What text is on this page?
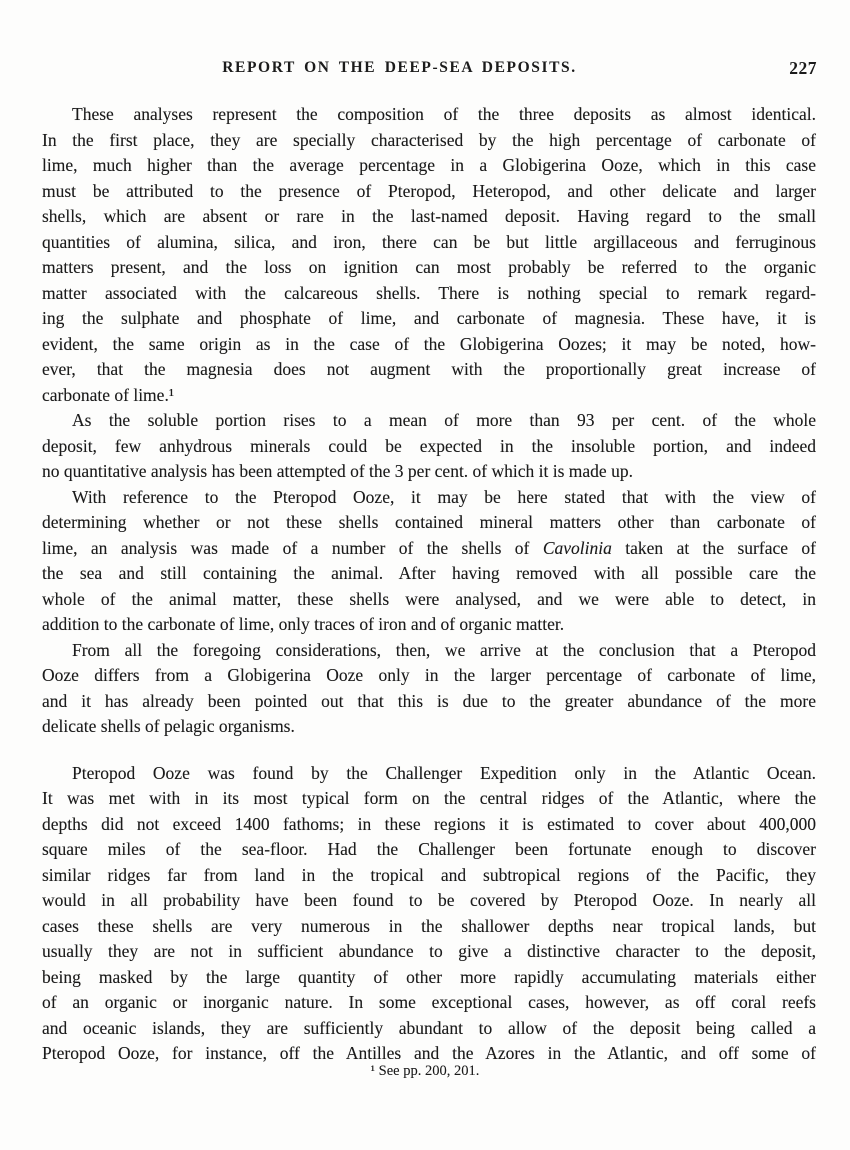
REPORT ON THE DEEP-SEA DEPOSITS.	227
These analyses represent the composition of the three deposits as almost identical.
In the first place, they are specially characterised by the high percentage of carbonate of
lime, much higher than the average percentage in a Globigerina Ooze, which in this case
must be attributed to the presence of Pteropod, Heteropod, and other delicate and larger
shells, which are absent or rare in the last-named deposit. Having regard to the small
quantities of alumina, silica, and iron, there can be but little argillaceous and ferruginous
matters present, and the loss on ignition can most probably be referred to the organic
matter associated with the calcareous shells. There is nothing special to remark regard-
ing the sulphate and phosphate of lime, and carbonate of magnesia. These have, it is
evident, the same origin as in the case of the Globigerina Oozes; it may be noted, how-
ever, that the magnesia does not augment with the proportionally great increase of
carbonate of lime.¹
As the soluble portion rises to a mean of more than 93 per cent. of the whole
deposit, few anhydrous minerals could be expected in the insoluble portion, and indeed
no quantitative analysis has been attempted of the 3 per cent. of which it is made up.
With reference to the Pteropod Ooze, it may be here stated that with the view of
determining whether or not these shells contained mineral matters other than carbonate of
lime, an analysis was made of a number of the shells of Cavolinia taken at the surface of
the sea and still containing the animal. After having removed with all possible care the
whole of the animal matter, these shells were analysed, and we were able to detect, in
addition to the carbonate of lime, only traces of iron and of organic matter.
From all the foregoing considerations, then, we arrive at the conclusion that a Pteropod
Ooze differs from a Globigerina Ooze only in the larger percentage of carbonate of lime,
and it has already been pointed out that this is due to the greater abundance of the more
delicate shells of pelagic organisms.
Pteropod Ooze was found by the Challenger Expedition only in the Atlantic Ocean.
It was met with in its most typical form on the central ridges of the Atlantic, where the
depths did not exceed 1400 fathoms; in these regions it is estimated to cover about 400,000
square miles of the sea-floor. Had the Challenger been fortunate enough to discover
similar ridges far from land in the tropical and subtropical regions of the Pacific, they
would in all probability have been found to be covered by Pteropod Ooze. In nearly all
cases these shells are very numerous in the shallower depths near tropical lands, but
usually they are not in sufficient abundance to give a distinctive character to the deposit,
being masked by the large quantity of other more rapidly accumulating materials either
of an organic or inorganic nature. In some exceptional cases, however, as off coral reefs
and oceanic islands, they are sufficiently abundant to allow of the deposit being called a
Pteropod Ooze, for instance, off the Antilles and the Azores in the Atlantic, and off some of
¹ See pp. 200, 201.
